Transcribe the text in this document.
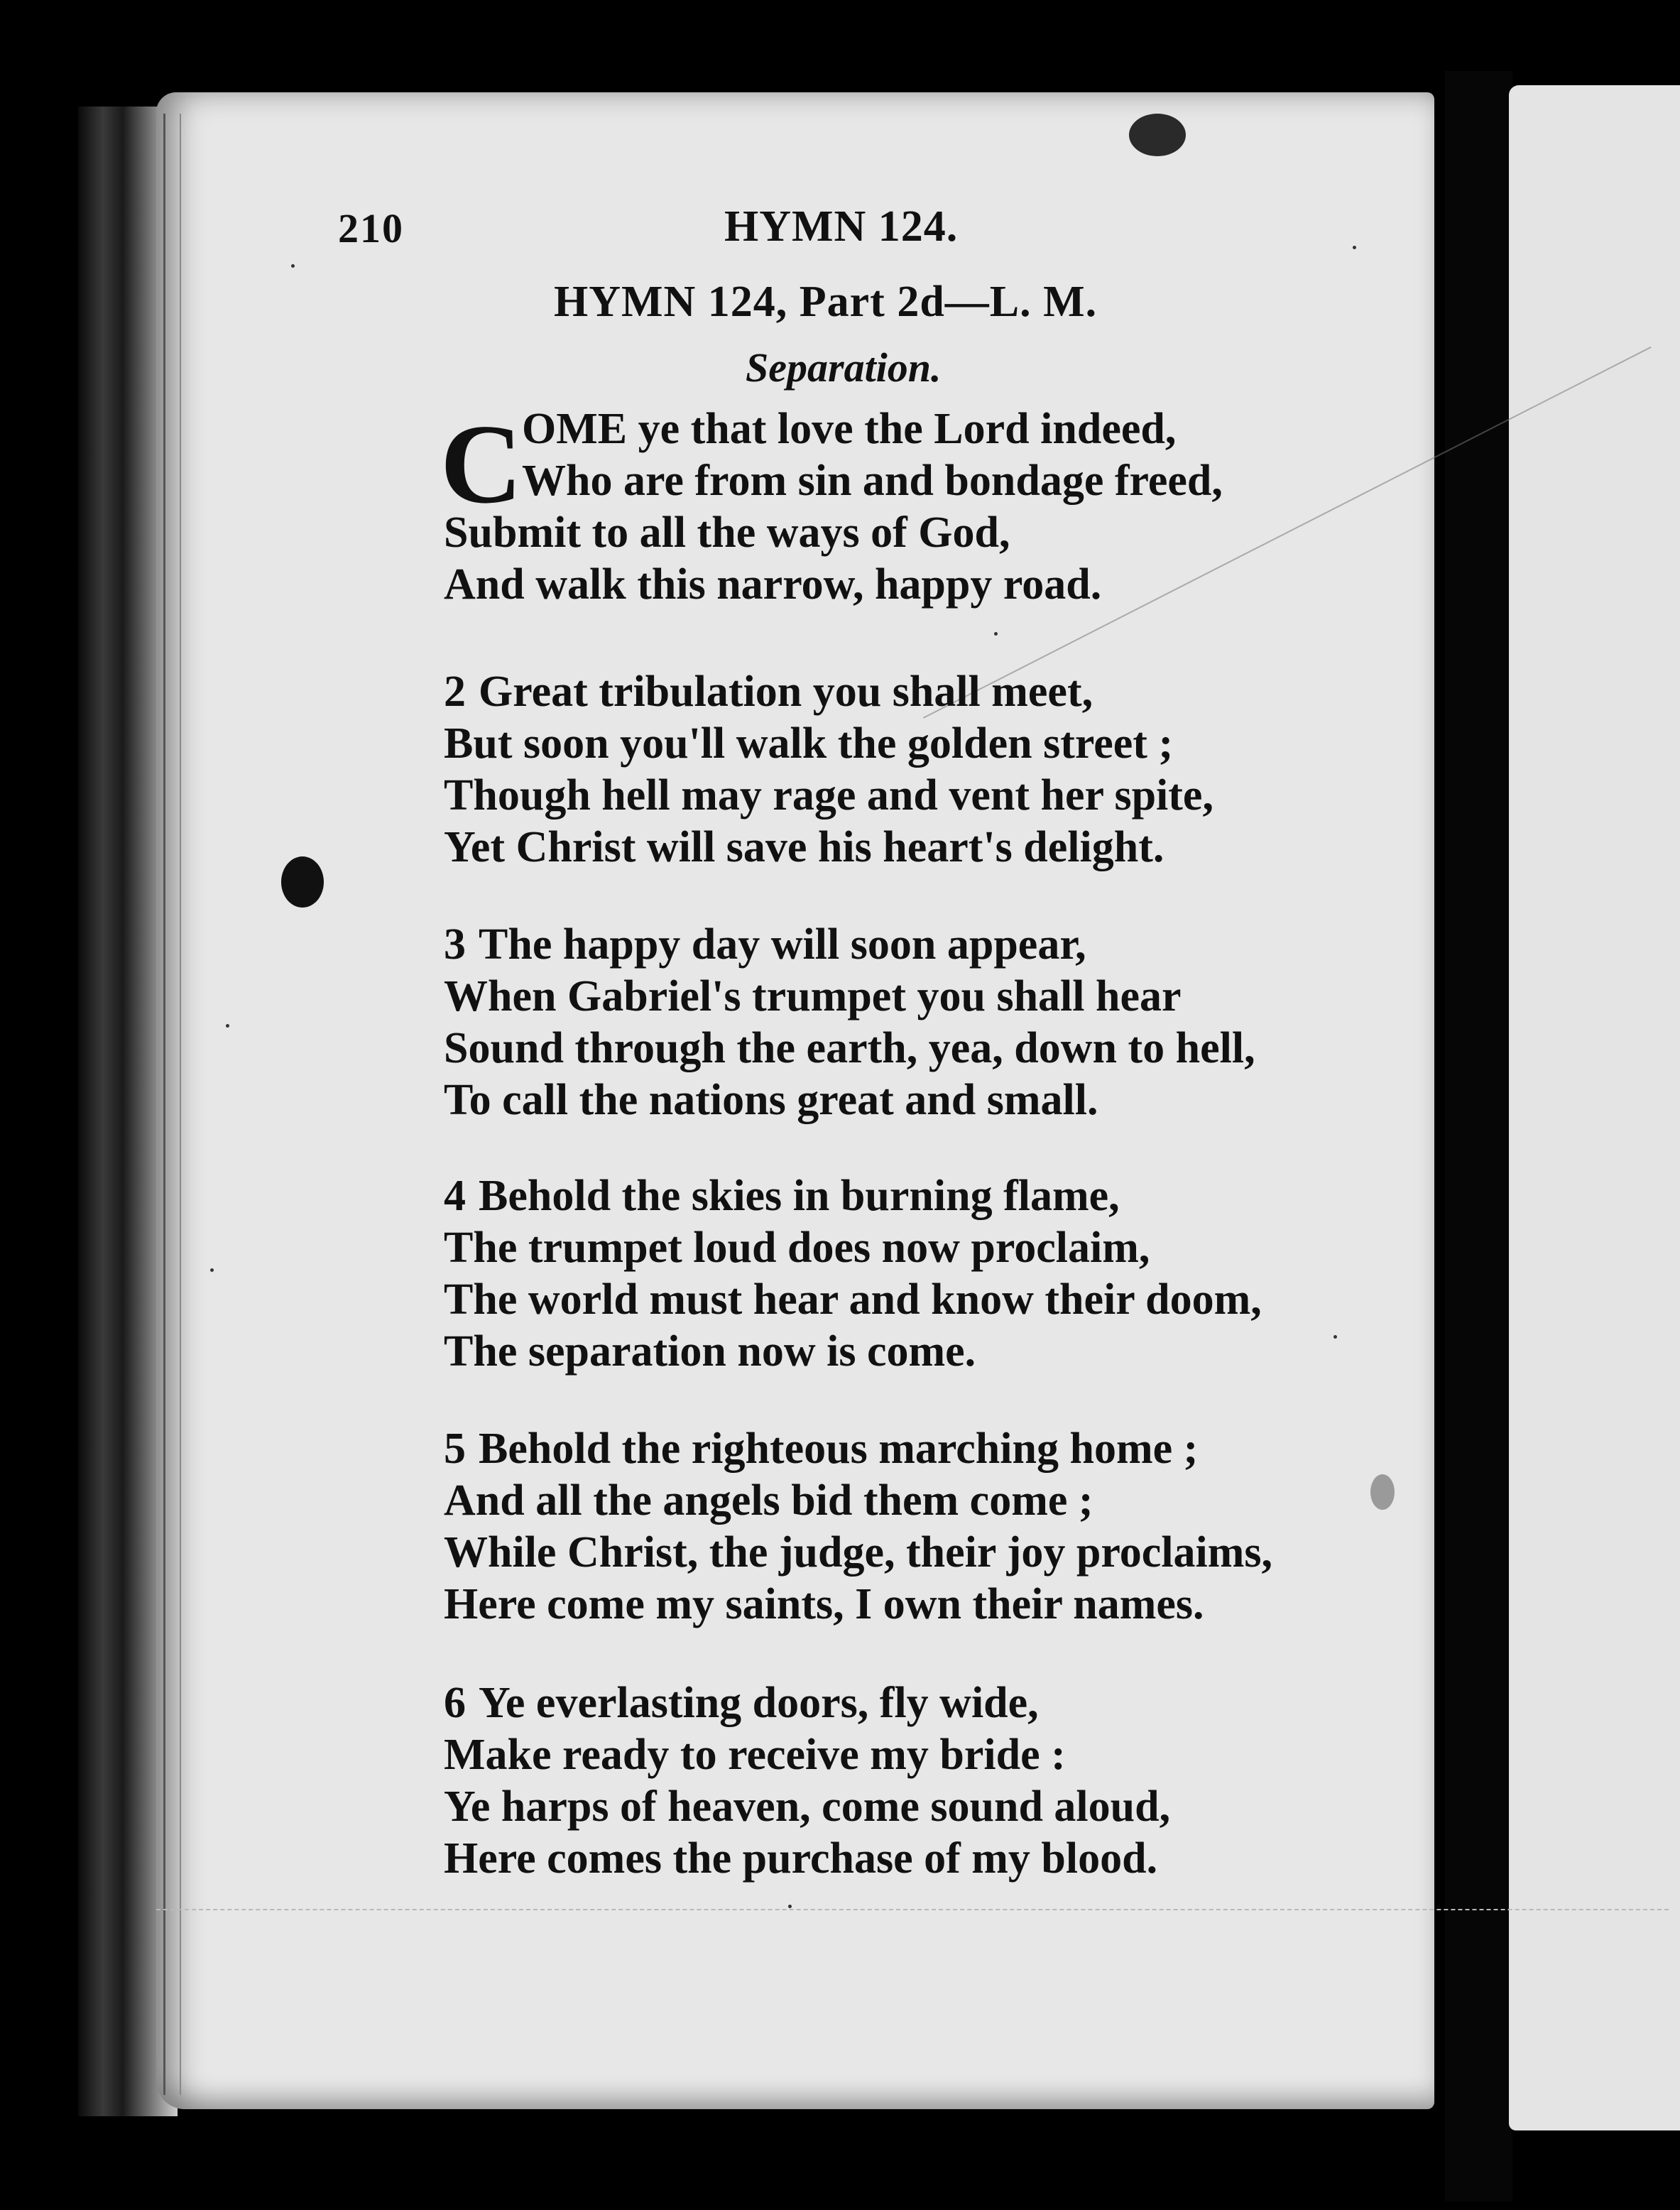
210	HYMN 124.
HYMN 124, Part 2d—L. M.
Separation.
C OME ye that love the Lord indeed,
Who are from sin and bondage freed,
Submit to all the ways of God,
And walk this narrow, happy road.
2 Great tribulation you shall meet,
But soon you'll walk the golden street ;
Though hell may rage and vent her spite,
Yet Christ will save his heart's delight.
3 The happy day will soon appear,
When Gabriel's trumpet you shall hear
Sound through the earth, yea, down to hell,
To call the nations great and small.
4 Behold the skies in burning flame,
The trumpet loud does now proclaim,
The world must hear and know their doom,
The separation now is come.
5 Behold the righteous marching home ;
And all the angels bid them come ;
While Christ, the judge, their joy proclaims,
Here come my saints, I own their names.
6 Ye everlasting doors, fly wide,
Make ready to receive my bride :
Ye harps of heaven, come sound aloud,
Here comes the purchase of my blood.
